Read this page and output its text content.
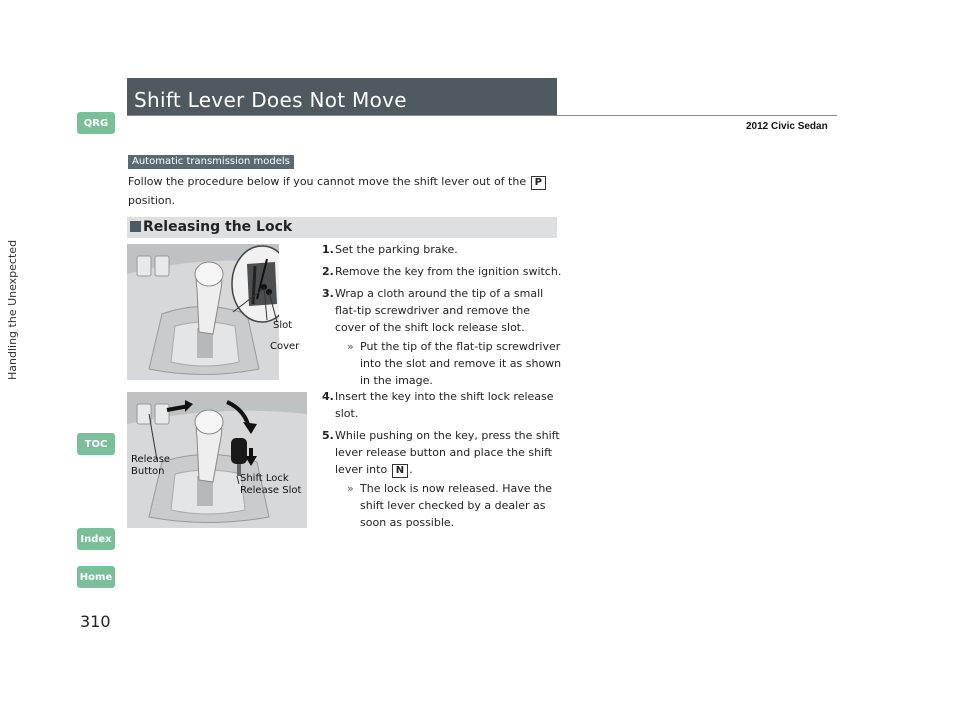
Handling the Unexpected
QRG
TOC
Index
Home
310
Shift Lever Does Not Move
2012 Civic Sedan
Automatic transmission models
Follow the procedure below if you cannot move the shift lever out of the P position.
Releasing the Lock
Slot
Cover
Release
Button
Shift Lock
Release Slot
1. Set the parking brake.
2. Remove the key from the ignition switch.
3. Wrap a cloth around the tip of a small flat-tip screwdriver and remove the cover of the shift lock release slot.
» Put the tip of the flat-tip screwdriver into the slot and remove it as shown in the image.
4. Insert the key into the shift lock release slot.
5. While pushing on the key, press the shift lever release button and place the shift lever into N .
» The lock is now released. Have the shift lever checked by a dealer as soon as possible.
